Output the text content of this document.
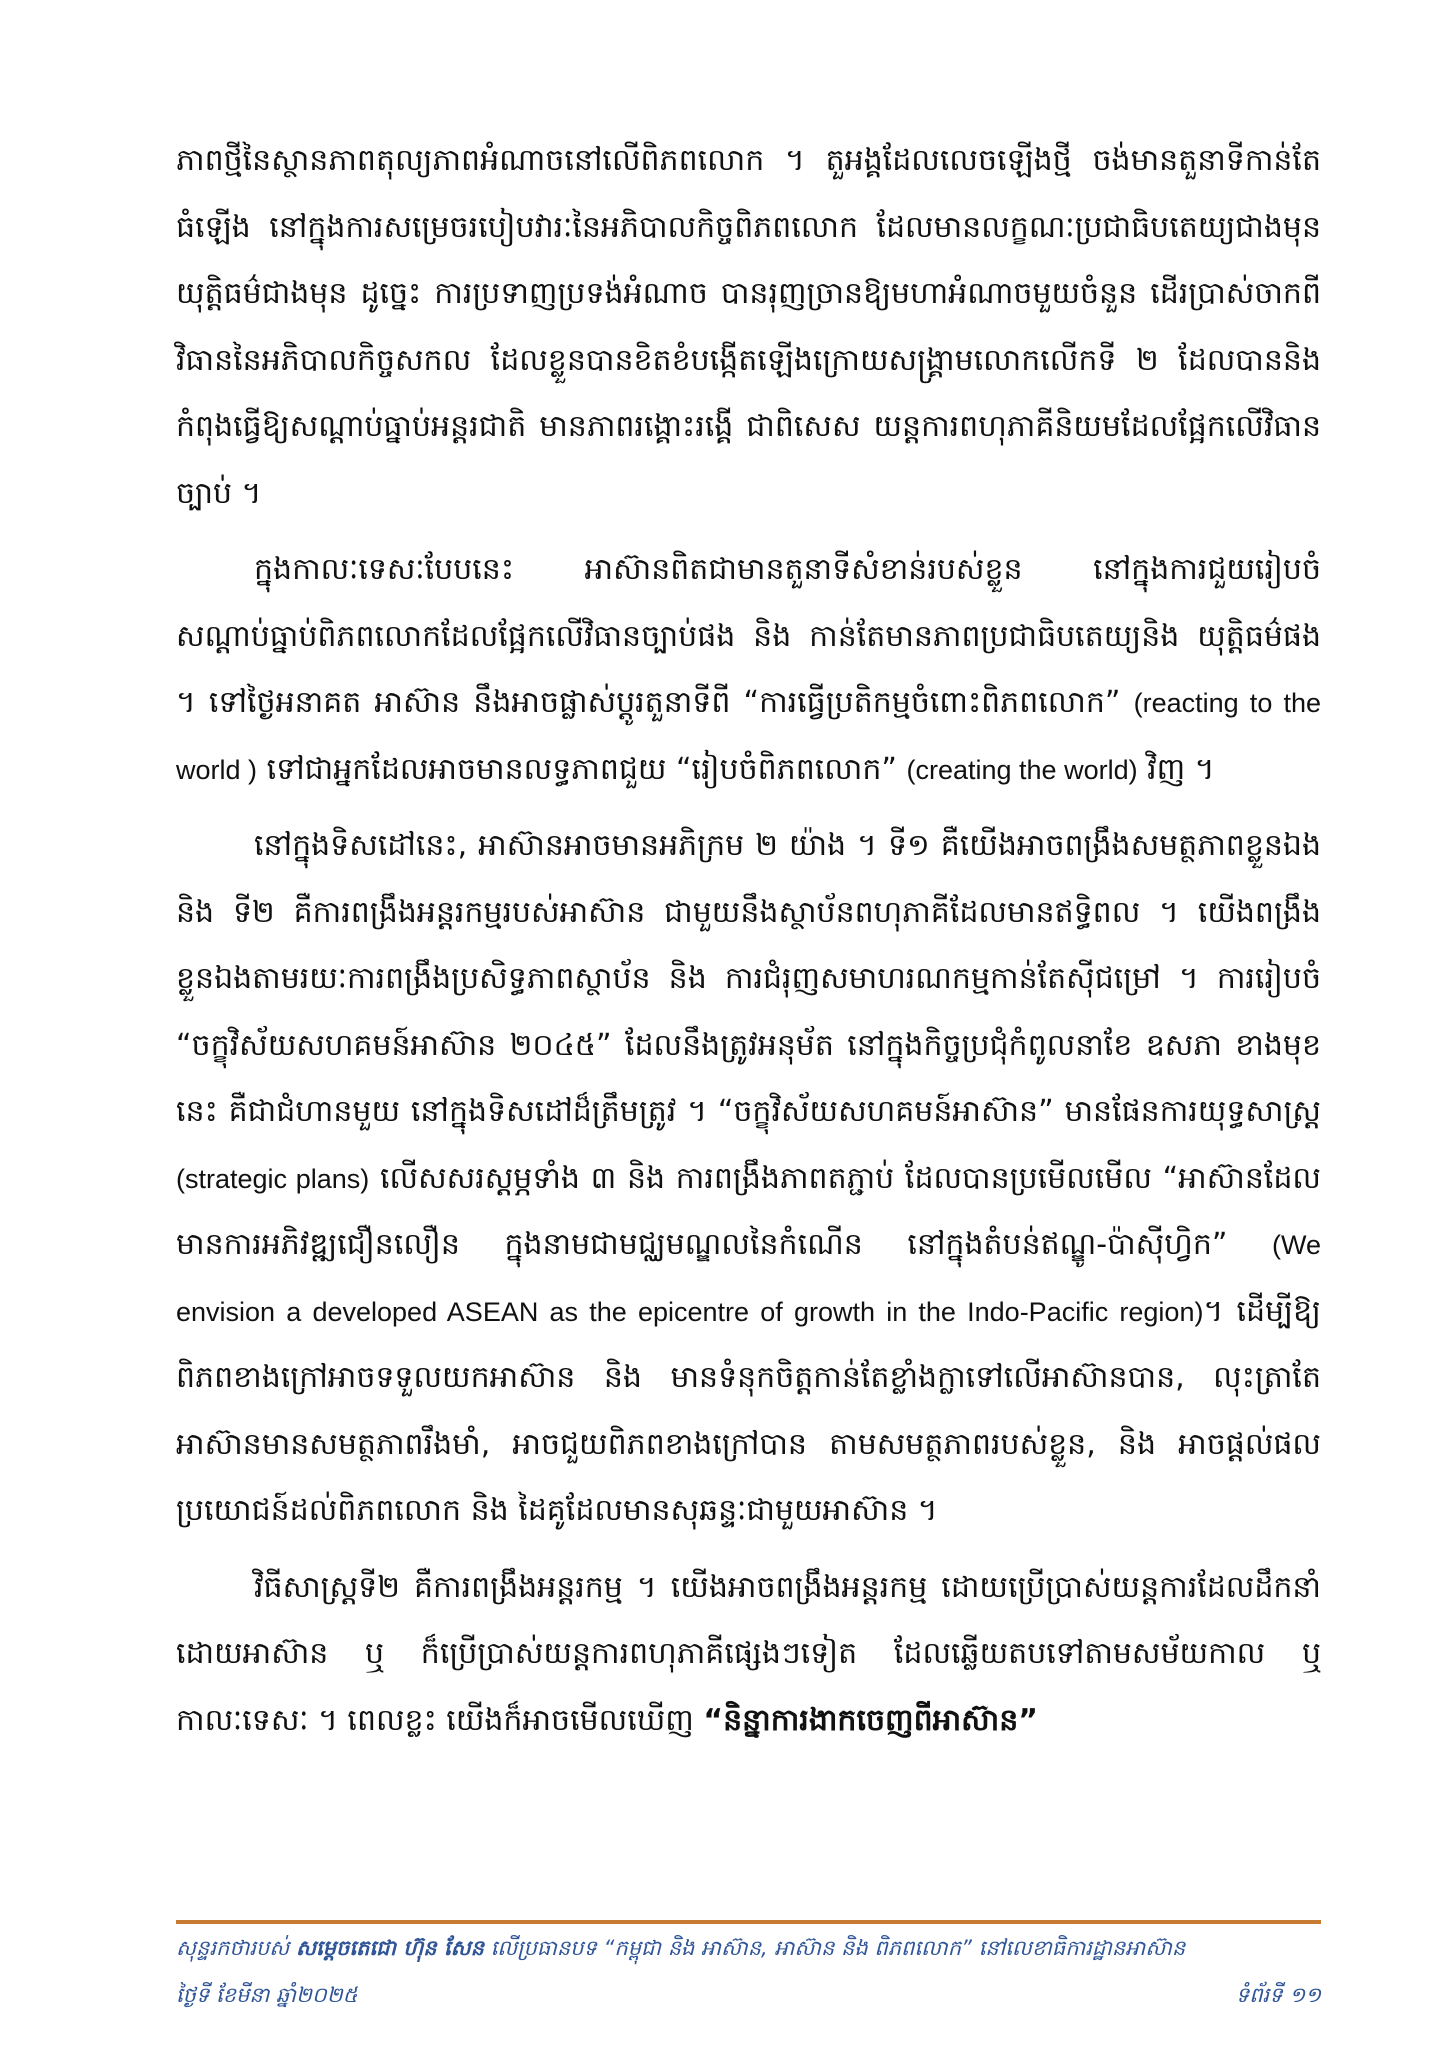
ភាពថ្មីនៃស្ថានភាពតុល្យភាពអំណាចនៅលើពិភពលោក ។ តួអង្គដែលលេចឡើងថ្មី ចង់មានតួនាទីកាន់តែធំឡើង នៅក្នុងការសម្រេចរបៀបវារៈនៃអភិបាលកិច្ចពិភពលោក ដែលមានលក្ខណៈប្រជាធិបតេយ្យជាងមុន យុត្តិធម៌ជាងមុន ដូច្នេះ ការប្រទាញប្រទង់អំណាច បានរុញច្រានឱ្យមហាអំណាចមួយចំនួន ដើរប្រាស់ចាកពីវិធាននៃអភិបាលកិច្ចសកល ដែលខ្លួនបានខិតខំបង្កើតឡើងក្រោយសង្គ្រាមលោកលើកទី ២ ដែលបាននិងកំពុងធ្វើឱ្យសណ្តាប់ធ្នាប់អន្តរជាតិ មានភាពរង្គោះរង្គើ ជាពិសេស យន្តការពហុភាគីនិយមដែលផ្អែកលើវិធានច្បាប់ ។

ក្នុងកាលៈទេសៈបែបនេះ អាស៊ានពិតជាមានតួនាទីសំខាន់របស់ខ្លួន នៅក្នុងការជួយរៀបចំសណ្តាប់ធ្នាប់ពិភពលោកដែលផ្អែកលើវិធានច្បាប់ផង និង កាន់តែមានភាពប្រជាធិបតេយ្យនិង យុត្តិធម៌ផង ។ ទៅថ្ងៃអនាគត អាស៊ាន នឹងអាចផ្លាស់ប្តូរតួនាទីពី “ការធ្វើប្រតិកម្មចំពោះពិភពលោក” (reacting to the world ) ទៅជាអ្នកដែលអាចមានលទ្ធភាពជួយ “រៀបចំពិភពលោក” (creating the world) វិញ ។

នៅក្នុងទិសដៅនេះ, អាស៊ានអាចមានអភិក្រម ២ យ៉ាង ។ ទី១ គឺយើងអាចពង្រឹងសមត្ថភាពខ្លួនឯង និង ទី២ គឺការពង្រឹងអន្តរកម្មរបស់អាស៊ាន ជាមួយនឹងស្ថាប័នពហុភាគីដែលមានឥទ្ធិពល ។ យើងពង្រឹងខ្លួនឯងតាមរយៈការពង្រឹងប្រសិទ្ធភាពស្ថាប័ន និង ការជំរុញសមាហរណកម្មកាន់តែស៊ីជម្រៅ ។ ការរៀបចំ “ចក្ខុវិស័យសហគមន៍អាស៊ាន ២០៤៥” ដែលនឹងត្រូវអនុម័ត នៅក្នុងកិច្ចប្រជុំកំពូលនាខែ ឧសភា ខាងមុខនេះ គឺជាជំហានមួយ នៅក្នុងទិសដៅដ៏ត្រឹមត្រូវ ។ “ចក្ខុវិស័យសហគមន៍អាស៊ាន” មានផែនការយុទ្ធសាស្ត្រ (strategic plans) លើសសរស្តម្ភទាំង ៣ និង ការពង្រឹងភាពតភ្ជាប់ ដែលបានប្រមើលមើល “អាស៊ានដែលមានការអភិវឌ្ឍជឿនលឿន ក្នុងនាមជាមជ្ឈមណ្ឌលនៃកំណើន នៅក្នុងតំបន់ឥណ្ឌូ-ប៉ាស៊ីហ្វិក” (We envision a developed ASEAN as the epicentre of growth in the Indo-Pacific region)។ ដើម្បីឱ្យពិភពខាងក្រៅអាចទទួលយកអាស៊ាន និង មានទំនុកចិត្តកាន់តែខ្លាំងក្លាទៅលើអាស៊ានបាន, លុះត្រាតែអាស៊ានមានសមត្ថភាពរឹងមាំ, អាចជួយពិភពខាងក្រៅបាន តាមសមត្ថភាពរបស់ខ្លួន, និង អាចផ្តល់ផលប្រយោជន៍ដល់ពិភពលោក និង ដៃគូដែលមានសុឆន្ទៈជាមួយអាស៊ាន ។

វិធីសាស្ត្រទី២ គឺការពង្រឹងអន្តរកម្ម ។ យើងអាចពង្រឹងអន្តរកម្ម ដោយប្រើប្រាស់យន្តការដែលដឹកនាំដោយអាស៊ាន ឬ ក៏ប្រើប្រាស់យន្តការពហុភាគីផ្សេងៗទៀត ដែលឆ្លើយតបទៅតាមសម័យកាល ឬ កាលៈទេសៈ ។ ពេលខ្លះ យើងក៏អាចមើលឃើញ “និន្នាការងាកចេញពីអាស៊ាន”

សុន្ទរកថារបស់ សម្តេចតេជោ ហ៊ុន សែន លើប្រធានបទ “កម្ពុជា និង អាស៊ាន, អាស៊ាន និង ពិភពលោក” នៅលេខាធិការដ្ឋានអាស៊ាន
ថ្ងៃទី ខែមីនា ឆ្នាំ២០២៥	ទំព័រទី ១១
